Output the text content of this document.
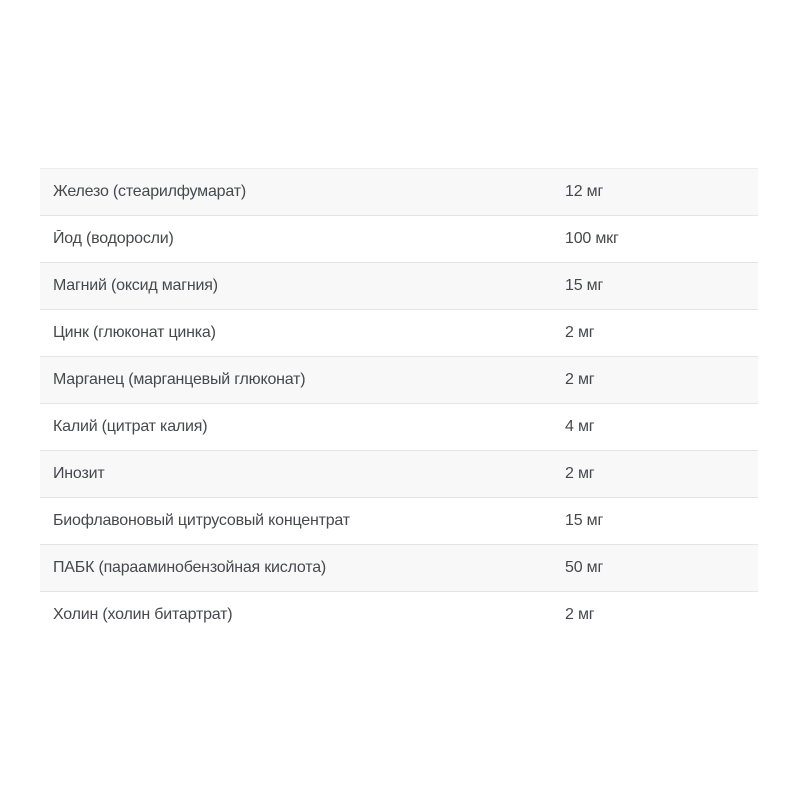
Железо (стеарилфумарат)	12 мг
Йод (водоросли)	100 мкг
Магний (оксид магния)	15 мг
Цинк (глюконат цинка)	2 мг
Марганец (марганцевый глюконат)	2 мг
Калий (цитрат калия)	4 мг
Инозит	2 мг
Биофлавоновый цитрусовый концентрат	15 мг
ПАБК (парааминобензойная кислота)	50 мг
Холин (холин битартрат)	2 мг
